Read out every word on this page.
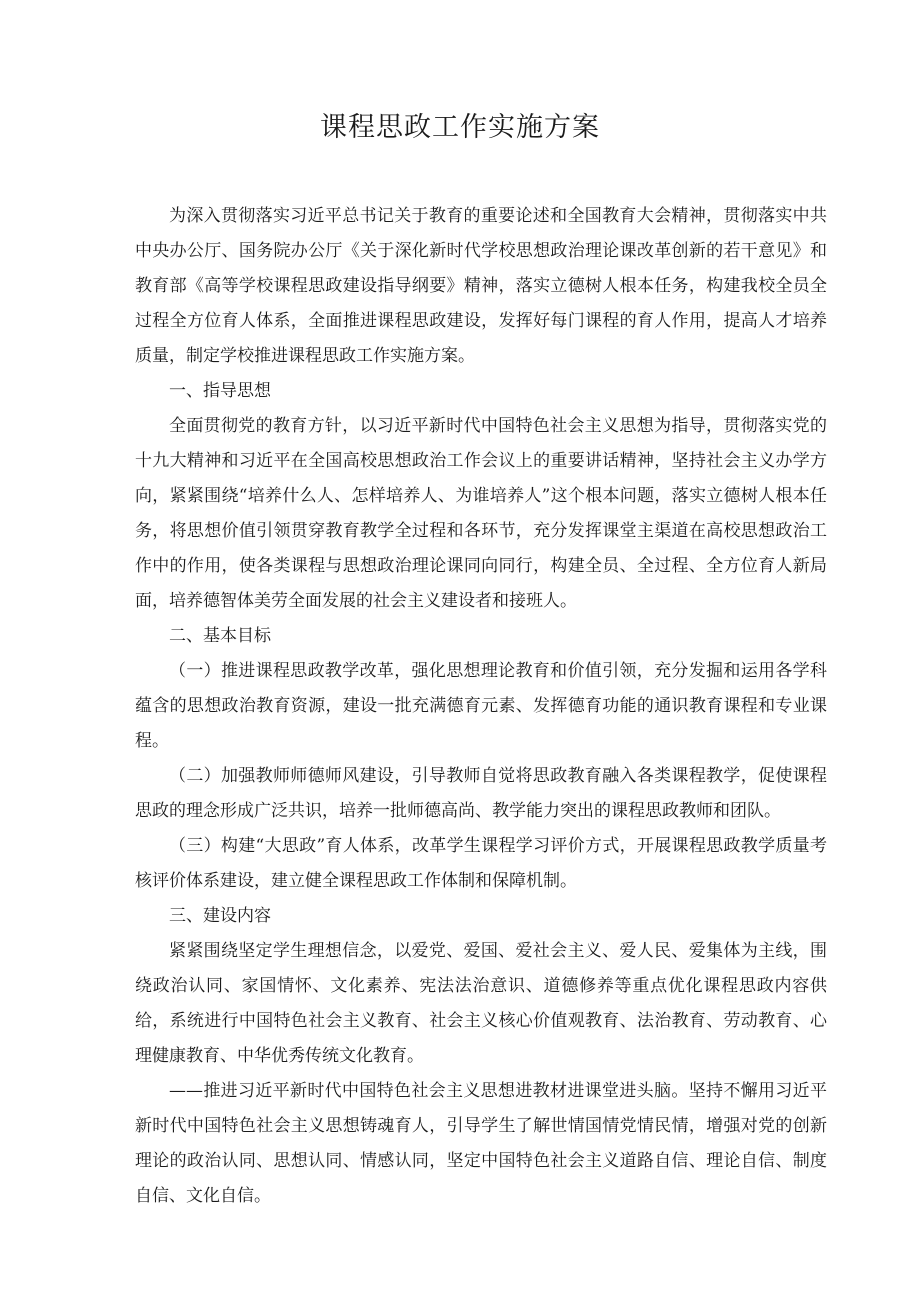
课程思政工作实施方案

为深入贯彻落实习近平总书记关于教育的重要论述和全国教育大会精神，贯彻落实中共中央办公厅、国务院办公厅《关于深化新时代学校思想政治理论课改革创新的若干意见》和教育部《高等学校课程思政建设指导纲要》精神，落实立德树人根本任务，构建我校全员全过程全方位育人体系，全面推进课程思政建设，发挥好每门课程的育人作用，提高人才培养质量，制定学校推进课程思政工作实施方案。

一、指导思想

全面贯彻党的教育方针，以习近平新时代中国特色社会主义思想为指导，贯彻落实党的十九大精神和习近平在全国高校思想政治工作会议上的重要讲话精神，坚持社会主义办学方向，紧紧围绕“培养什么人、怎样培养人、为谁培养人”这个根本问题，落实立德树人根本任务，将思想价值引领贯穿教育教学全过程和各环节，充分发挥课堂主渠道在高校思想政治工作中的作用，使各类课程与思想政治理论课同向同行，构建全员、全过程、全方位育人新局面，培养德智体美劳全面发展的社会主义建设者和接班人。

二、基本目标

（一）推进课程思政教学改革，强化思想理论教育和价值引领，充分发掘和运用各学科蕴含的思想政治教育资源，建设一批充满德育元素、发挥德育功能的通识教育课程和专业课程。

（二）加强教师师德师风建设，引导教师自觉将思政教育融入各类课程教学，促使课程思政的理念形成广泛共识，培养一批师德高尚、教学能力突出的课程思政教师和团队。

（三）构建“大思政”育人体系，改革学生课程学习评价方式，开展课程思政教学质量考核评价体系建设，建立健全课程思政工作体制和保障机制。

三、建设内容

紧紧围绕坚定学生理想信念，以爱党、爱国、爱社会主义、爱人民、爱集体为主线，围绕政治认同、家国情怀、文化素养、宪法法治意识、道德修养等重点优化课程思政内容供给，系统进行中国特色社会主义教育、社会主义核心价值观教育、法治教育、劳动教育、心理健康教育、中华优秀传统文化教育。

——推进习近平新时代中国特色社会主义思想进教材进课堂进头脑。坚持不懈用习近平新时代中国特色社会主义思想铸魂育人，引导学生了解世情国情党情民情，增强对党的创新理论的政治认同、思想认同、情感认同，坚定中国特色社会主义道路自信、理论自信、制度自信、文化自信。
